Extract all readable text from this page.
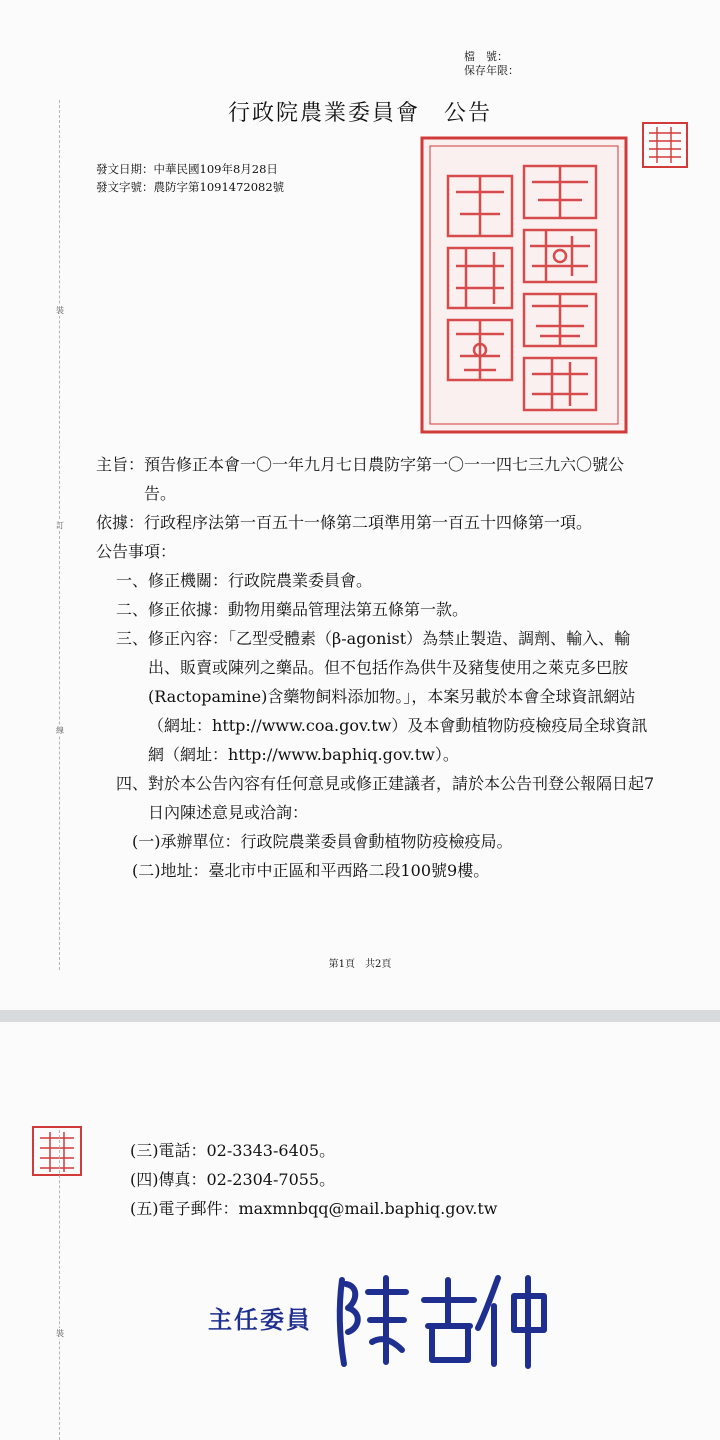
檔　號：
保存年限：
行政院農業委員會　公告
發文日期：中華民國109年8月28日
發文字號：農防字第1091472082號
章戳
裝
訂
線
主旨： 預告修正本會一〇一年九月七日農防字第一〇一一四七三九六〇號公告。
依據： 行政程序法第一百五十一條第二項準用第一百五十四條第一項。
公告事項：
一、 修正機關：行政院農業委員會。
二、 修正依據：動物用藥品管理法第五條第一款。
三、 修正內容：「乙型受體素（β-agonist）為禁止製造、調劑、輸入、輸出、販賣或陳列之藥品。但不包括作為供牛及豬隻使用之萊克多巴胺(Ractopamine)含藥物飼料添加物。」，本案另載於本會全球資訊網站（網址：http://www.coa.gov.tw）及本會動植物防疫檢疫局全球資訊網（網址：http://www.baphiq.gov.tw）。
四、 對於本公告內容有任何意見或修正建議者，請於本公告刊登公報隔日起7日內陳述意見或洽詢：
(一) 承辦單位：行政院農業委員會動植物防疫檢疫局。
(二) 地址：臺北市中正區和平西路二段100號9樓。
第1頁　共2頁
章戳
裝
(三) 電話：02-3343-6405。
(四) 傳真：02-2304-7055。
(五) 電子郵件：maxmnbqq@mail.baphiq.gov.tw
主任委員
陳吉仲
